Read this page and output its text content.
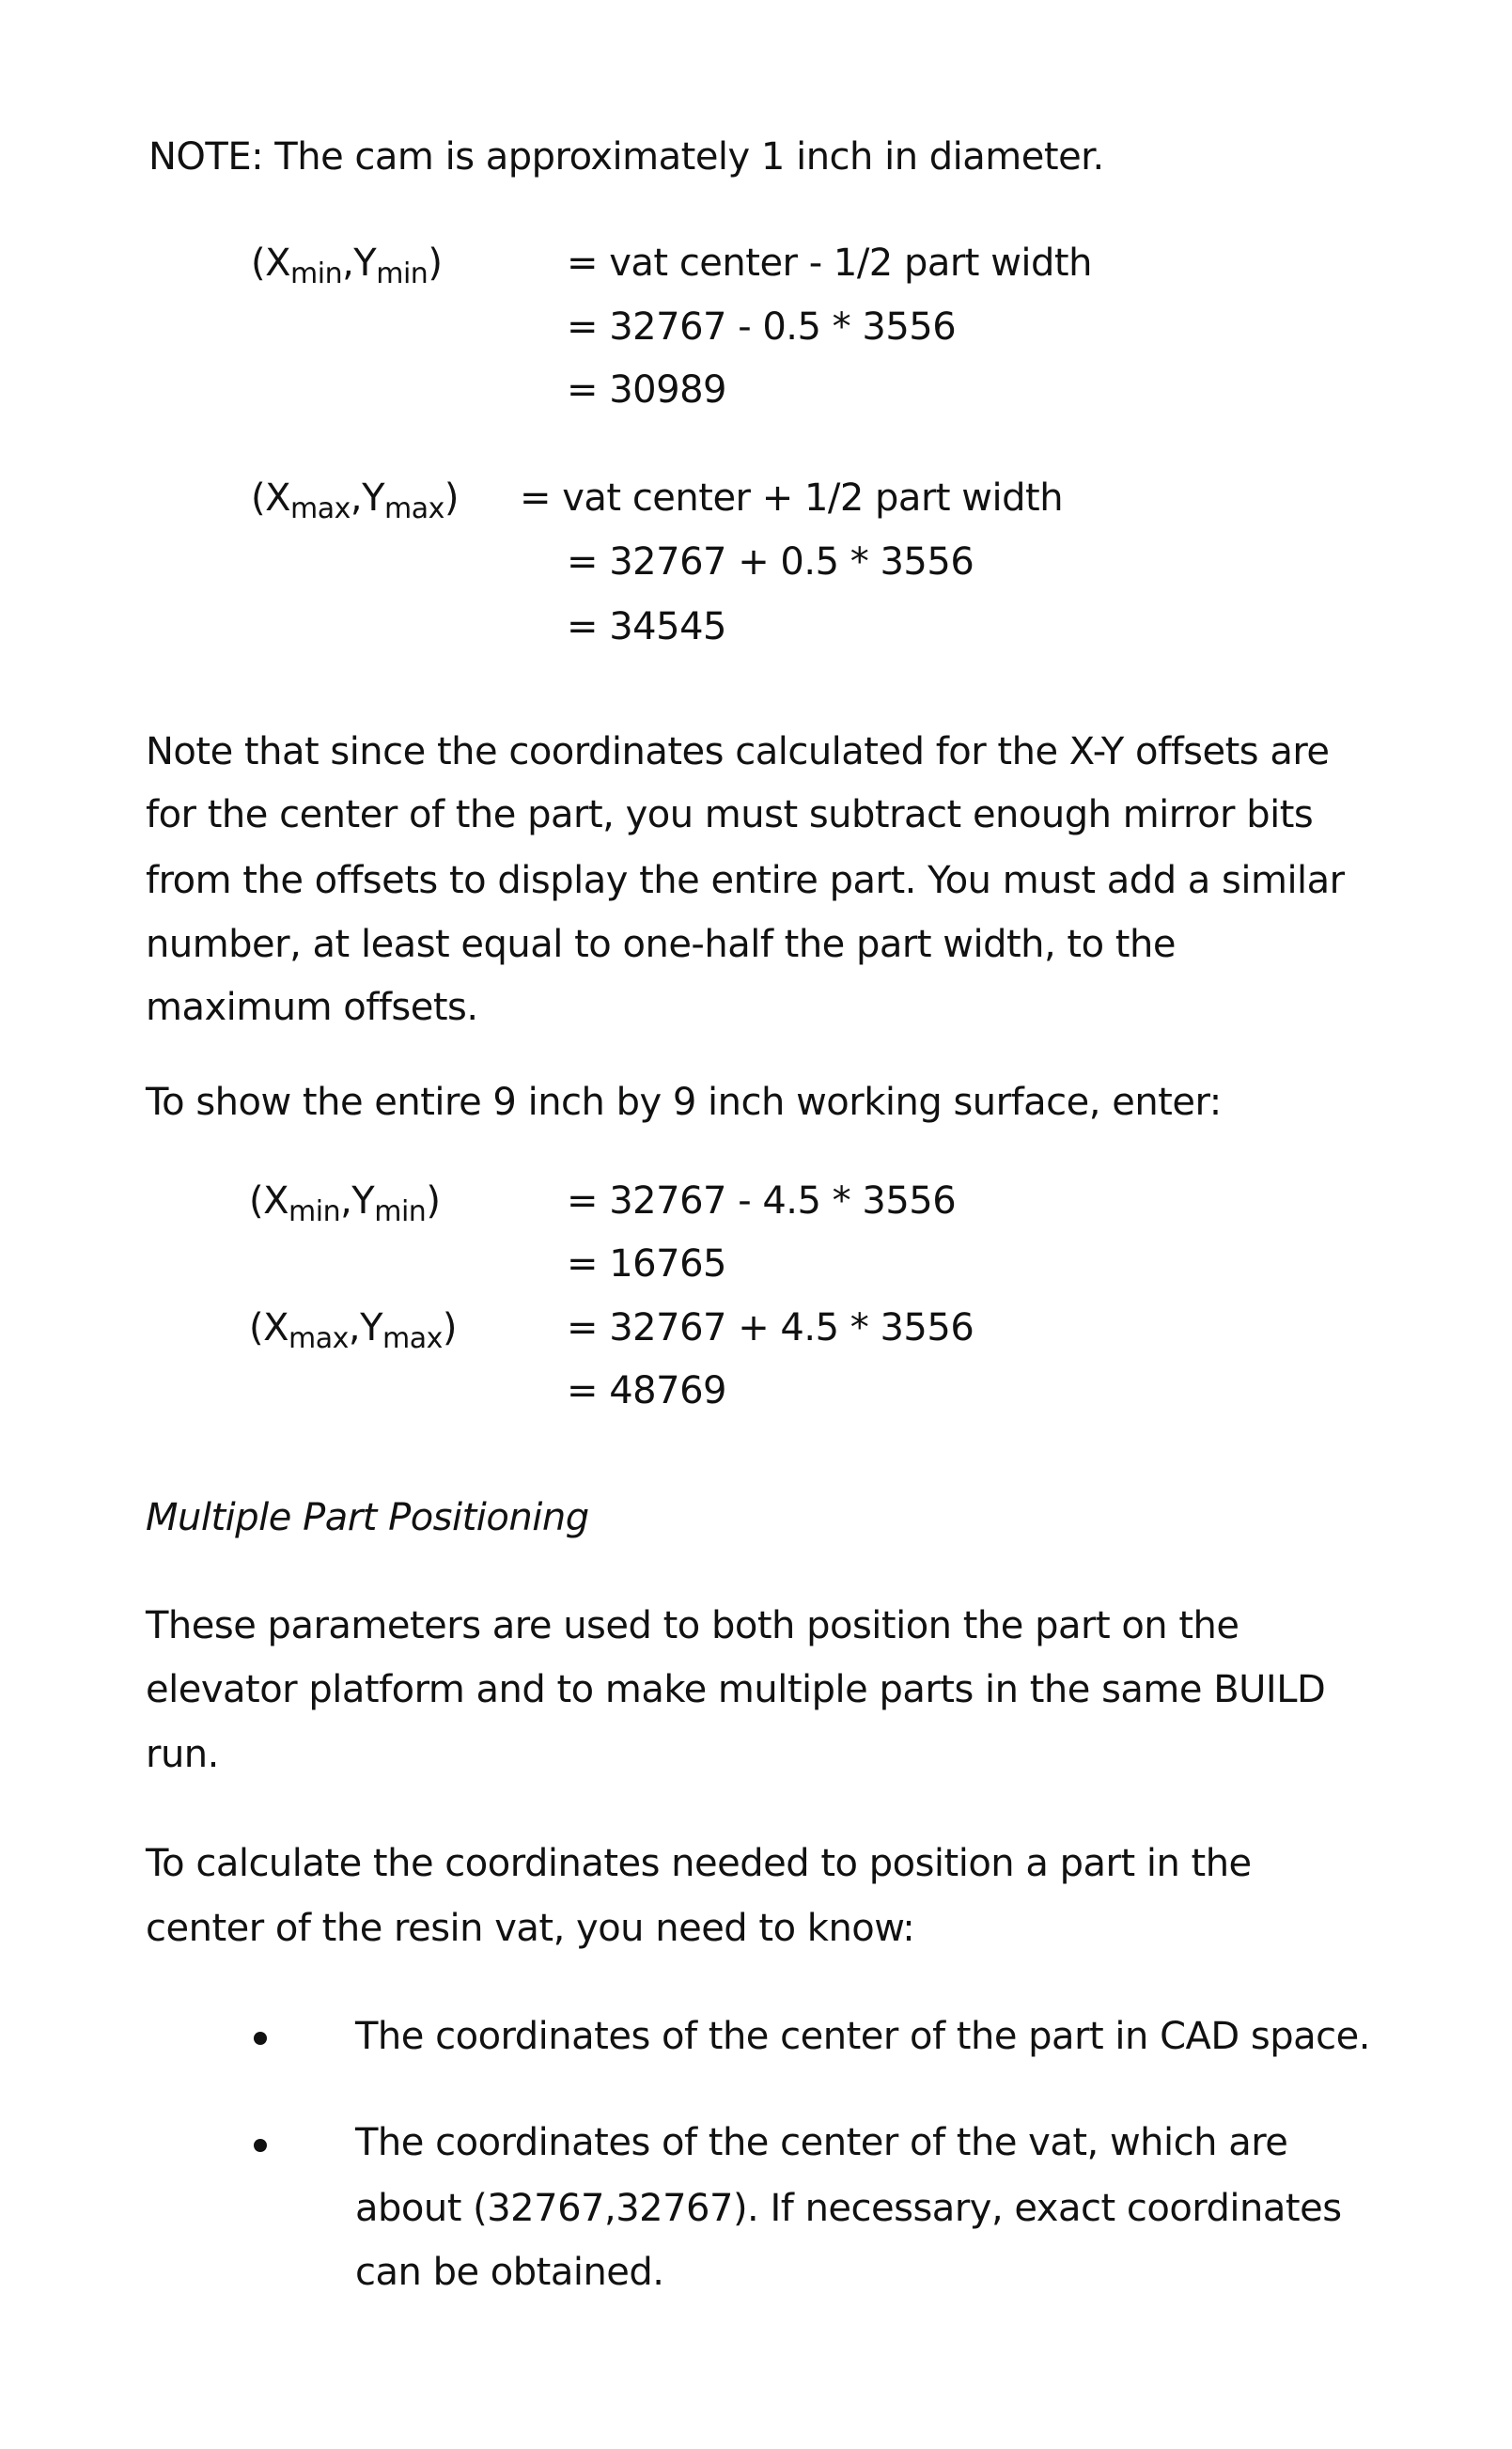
NOTE: The cam is approximately 1 inch in diameter.
(Xmin,Ymin)	= vat center - 1/2 part width
= 32767 - 0.5 * 3556
= 30989
(Xmax,Ymax) = vat center + 1/2 part width
= 32767 + 0.5 * 3556
= 34545
Note that since the coordinates calculated for the X-Y offsets are
for the center of the part, you must subtract enough mirror bits
from the offsets to display the entire part. You must add a similar
number, at least equal to one-half the part width, to the
maximum offsets.
To show the entire 9 inch by 9 inch working surface, enter:
(Xmin,Ymin)	= 32767 - 4.5 * 3556
= 16765
(Xmax,Ymax)	= 32767 + 4.5 * 3556
= 48769
Multiple Part Positioning
These parameters are used to both position the part on the
elevator platform and to make multiple parts in the same BUILD
run.
To calculate the coordinates needed to position a part in the
center of the resin vat, you need to know:
The coordinates of the center of the part in CAD space.
The coordinates of the center of the vat, which are
about (32767,32767). If necessary, exact coordinates
can be obtained.
